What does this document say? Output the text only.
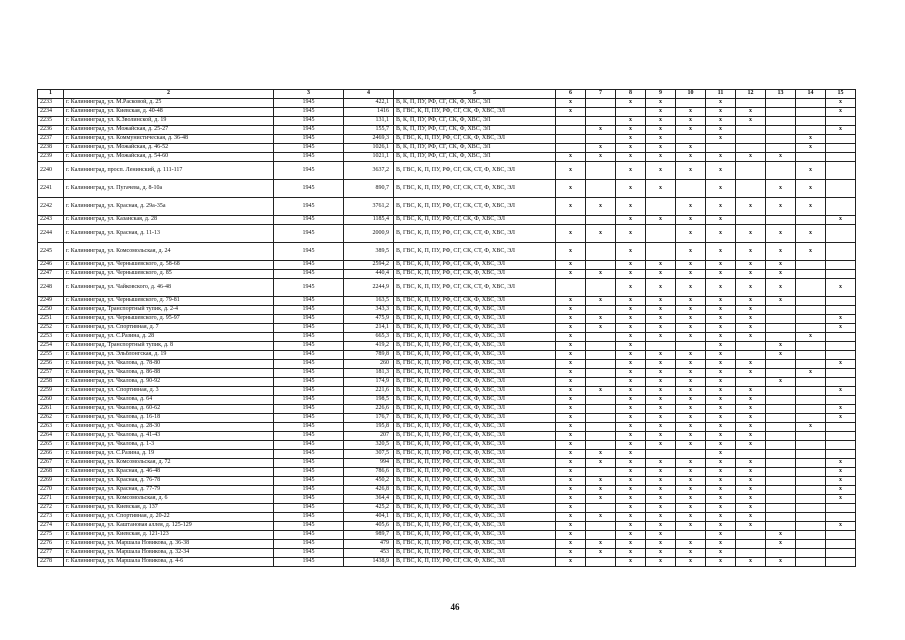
1	2	3	4	5	6	7	8	9	10	11	12	13	14	15
2233	г. Калининград, ул. М.Расковой, д. 25	1945	422,1	В, К, П, ПУ, РФ, СГ, СК, Ф, ХВС, ЭЛ	x		x	x		x				x
2234	г. Калининград, ул. Киевская, д. 40-48	1945	1416	В, ГВС, К, П, ПУ, РФ, СГ, СК, Ф, ХВС, ЭЛ	x			x	x	x	x			x
2235	г. Калининград, ул. К.Зволинской, д. 19	1945	131,1	В, К, П, ПУ, РФ, СГ, СК, Ф, ХВС, ЭЛ			x	x	x	x	x			
2236	г. Калининград, ул. Можайская, д. 25-27	1945	155,7	В, К, П, ПУ, РФ, СГ, СК, Ф, ХВС, ЭЛ		x	x	x	x	x				x
2237	г. Калининград, ул. Коммунистическая, д. 36-48	1945	2469,3	В, ГВС, К, П, ПУ, РФ, СГ, СК, Ф, ХВС, ЭЛ			x	x		x			x	
2238	г. Калининград, ул. Можайская, д. 46-52	1945	1026,1	В, К, П, ПУ, РФ, СГ, СК, Ф, ХВС, ЭЛ		x	x	x	x				x	
2239	г. Калининград, ул. Можайская, д. 54-60	1945	1021,1	В, К, П, ПУ, РФ, СГ, СК, Ф, ХВС, ЭЛ	x	x	x	x	x	x	x	x		
2240	г. Калининград, просп. Ленинский, д. 111-117	1945	3637,2	В, ГВС, К, П, ПУ, РФ, СГ, СК, СТ, Ф, ХВС, ЭЛ	x		x	x	x	x			x	
2241	г. Калининград, ул. Пугачева, д. 8-10а	1945	890,7	В, ГВС, К, П, ПУ, РФ, СГ, СК, СТ, Ф, ХВС, ЭЛ	x		x	x		x		x	x	
2242	г. Калининград, ул. Красная, д. 29а-35а	1945	3761,2	В, ГВС, К, П, ПУ, РФ, СГ, СК, СТ, Ф, ХВС, ЭЛ	x	x	x		x	x	x	x	x	
2243	г. Калининград, ул. Казанская, д. 28	1945	1185,4	В, ГВС, К, П, ПУ, РФ, СГ, СК, Ф, ХВС, ЭЛ			x	x	x	x				x
2244	г. Калининград, ул. Красная, д. 11-13	1945	2000,9	В, ГВС, К, П, ПУ, РФ, СГ, СК, СТ, Ф, ХВС, ЭЛ	x	x	x		x	x	x	x	x	
2245	г. Калининград, ул. Комсомольская, д. 24	1945	389,5	В, ГВС, К, П, ПУ, РФ, СГ, СК, СТ, Ф, ХВС, ЭЛ	x		x		x	x	x	x	x	
2246	г. Калининград, ул. Чернышевского, д. 58-68	1945	2594,2	В, ГВС, К, П, ПУ, РФ, СГ, СК, Ф, ХВС, ЭЛ	x		x	x	x	x	x	x		
2247	г. Калининград, ул. Чернышевского, д. 85	1945	440,4	В, ГВС, К, П, ПУ, РФ, СГ, СК, Ф, ХВС, ЭЛ	x	x	x	x	x	x	x	x		
2248	г. Калининград, ул. Чайковского, д. 46-48	1945	2244,9	В, ГВС, К, П, ПУ, РФ, СГ, СК, СТ, Ф, ХВС, ЭЛ			x	x	x	x	x	x		x
2249	г. Калининград, ул. Чернышевского, д. 79-81	1945	163,5	В, ГВС, К, П, ПУ, РФ, СГ, СК, Ф, ХВС, ЭЛ	x	x	x	x	x	x	x	x		
2250	г. Калининград, Транспортный тупик, д. 2-4	1945	343,3	В, ГВС, К, П, ПУ, РФ, СГ, СК, Ф, ХВС, ЭЛ	x		x	x	x	x	x			
2251	г. Калининград, ул. Чернышевского, д. 95-97	1945	475,9	В, ГВС, К, П, ПУ, РФ, СГ, СК, Ф, ХВС, ЭЛ	x	x	x	x	x	x	x			x
2252	г. Калининград, ул. Спортивная, д. 7	1945	214,1	В, ГВС, К, П, ПУ, РФ, СГ, СК, Ф, ХВС, ЭЛ	x	x	x	x	x	x	x			x
2253	г. Калининград, ул. С.Разина, д. 28	1945	665,3	В, ГВС, К, П, ПУ, РФ, СГ, СК, Ф, ХВС, ЭЛ	x		x	x	x	x	x		x	
2254	г. Калининград, Транспортный тупик, д. 8	1945	419,2	В, ГВС, К, П, ПУ, РФ, СГ, СК, Ф, ХВС, ЭЛ	x		x			x		x		
2255	г. Калининград, ул. Эльблонгская, д. 19	1945	789,8	В, ГВС, К, П, ПУ, РФ, СГ, СК, Ф, ХВС, ЭЛ	x		x	x	x	x		x		
2256	г. Калининград, ул. Чкалова, д. 78-80	1945	260	В, ГВС, К, П, ПУ, РФ, СГ, СК, Ф, ХВС, ЭЛ	x		x	x	x	x	x			x
2257	г. Калининград, ул. Чкалова, д. 86-88	1945	181,3	В, ГВС, К, П, ПУ, РФ, СГ, СК, Ф, ХВС, ЭЛ	x		x	x	x	x	x		x	
2258	г. Калининград, ул. Чкалова, д. 90-92	1945	174,9	В, ГВС, К, П, ПУ, РФ, СГ, СК, Ф, ХВС, ЭЛ	x		x	x	x	x		x		
2259	г. Калининград, ул. Спортивная, д. 3	1945	221,6	В, ГВС, К, П, ПУ, РФ, СГ, СК, Ф, ХВС, ЭЛ	x	x	x	x	x	x	x			x
2260	г. Калининград, ул. Чкалова, д. 64	1945	198,5	В, ГВС, К, П, ПУ, РФ, СГ, СК, Ф, ХВС, ЭЛ	x		x	x	x	x	x			
2261	г. Калининград, ул. Чкалова, д. 60-62	1945	226,6	В, ГВС, К, П, ПУ, РФ, СГ, СК, Ф, ХВС, ЭЛ	x		x	x	x	x	x			x
2262	г. Калининград, ул. Чкалова, д. 16-18	1945	176,7	В, ГВС, К, П, ПУ, РФ, СГ, СК, Ф, ХВС, ЭЛ	x		x	x	x	x	x			x
2263	г. Калининград, ул. Чкалова, д. 28-30	1945	195,8	В, ГВС, К, П, ПУ, РФ, СГ, СК, Ф, ХВС, ЭЛ	x		x	x	x	x	x		x	
2264	г. Калининград, ул. Чкалова, д. 41-43	1945	207	В, ГВС, К, П, ПУ, РФ, СГ, СК, Ф, ХВС, ЭЛ	x		x	x	x	x	x			
2265	г. Калининград, ул. Чкалова, д. 1-3	1945	320,5	В, ГВС, К, П, ПУ, РФ, СГ, СК, Ф, ХВС, ЭЛ	x		x	x	x	x	x			
2266	г. Калининград, ул. С.Разина, д. 19	1945	307,5	В, ГВС, К, П, ПУ, РФ, СГ, СК, Ф, ХВС, ЭЛ	x	x	x			x				
2267	г. Калининград, ул. Комсомольская, д. 72	1945	994	В, ГВС, К, П, ПУ, РФ, СГ, СК, Ф, ХВС, ЭЛ	x	x	x	x	x	x	x			x
2268	г. Калининград, ул. Красная, д. 46-48	1945	786,6	В, ГВС, К, П, ПУ, РФ, СГ, СК, Ф, ХВС, ЭЛ	x		x	x	x	x	x			x
2269	г. Калининград, ул. Красная, д. 76-78	1945	450,2	В, ГВС, К, П, ПУ, РФ, СГ, СК, Ф, ХВС, ЭЛ	x	x	x	x	x	x	x			x
2270	г. Калининград, ул. Красная, д. 77-79	1945	426,8	В, ГВС, К, П, ПУ, РФ, СГ, СК, Ф, ХВС, ЭЛ	x	x	x	x	x	x	x			x
2271	г. Калининград, ул. Комсомольская, д. 6	1945	364,4	В, ГВС, К, П, ПУ, РФ, СГ, СК, Ф, ХВС, ЭЛ	x	x	x	x	x	x	x			x
2272	г. Калининград, ул. Киевская, д. 137	1945	425,2	В, ГВС, К, П, ПУ, РФ, СГ, СК, Ф, ХВС, ЭЛ	x		x	x	x	x	x			
2273	г. Калининград, ул. Спортивная, д. 20-22	1945	404,1	В, ГВС, К, П, ПУ, РФ, СГ, СК, Ф, ХВС, ЭЛ	x	x	x	x	x	x	x			
2274	г. Калининград, ул. Каштановая аллея, д. 125-129	1945	405,6	В, ГВС, К, П, ПУ, РФ, СГ, СК, Ф, ХВС, ЭЛ	x		x	x	x	x	x			x
2275	г. Калининград, ул. Киевская, д. 121-123	1945	989,7	В, ГВС, К, П, ПУ, РФ, СГ, СК, Ф, ХВС, ЭЛ	x		x	x		x		x		
2276	г. Калининград, ул. Маршала Новикова, д. 36-38	1945	479	В, ГВС, К, П, ПУ, РФ, СГ, СК, Ф, ХВС, ЭЛ	x	x	x	x	x	x		x		
2277	г. Калининград, ул. Маршала Новикова, д. 32-34	1945	453	В, ГВС, К, П, ПУ, РФ, СГ, СК, Ф, ХВС, ЭЛ	x	x	x	x	x	x				
2278	г. Калининград, ул. Маршала Новикова, д. 4-6	1945	1438,9	В, ГВС, К, П, ПУ, РФ, СГ, СК, Ф, ХВС, ЭЛ	x		x	x	x	x	x	x		
46
